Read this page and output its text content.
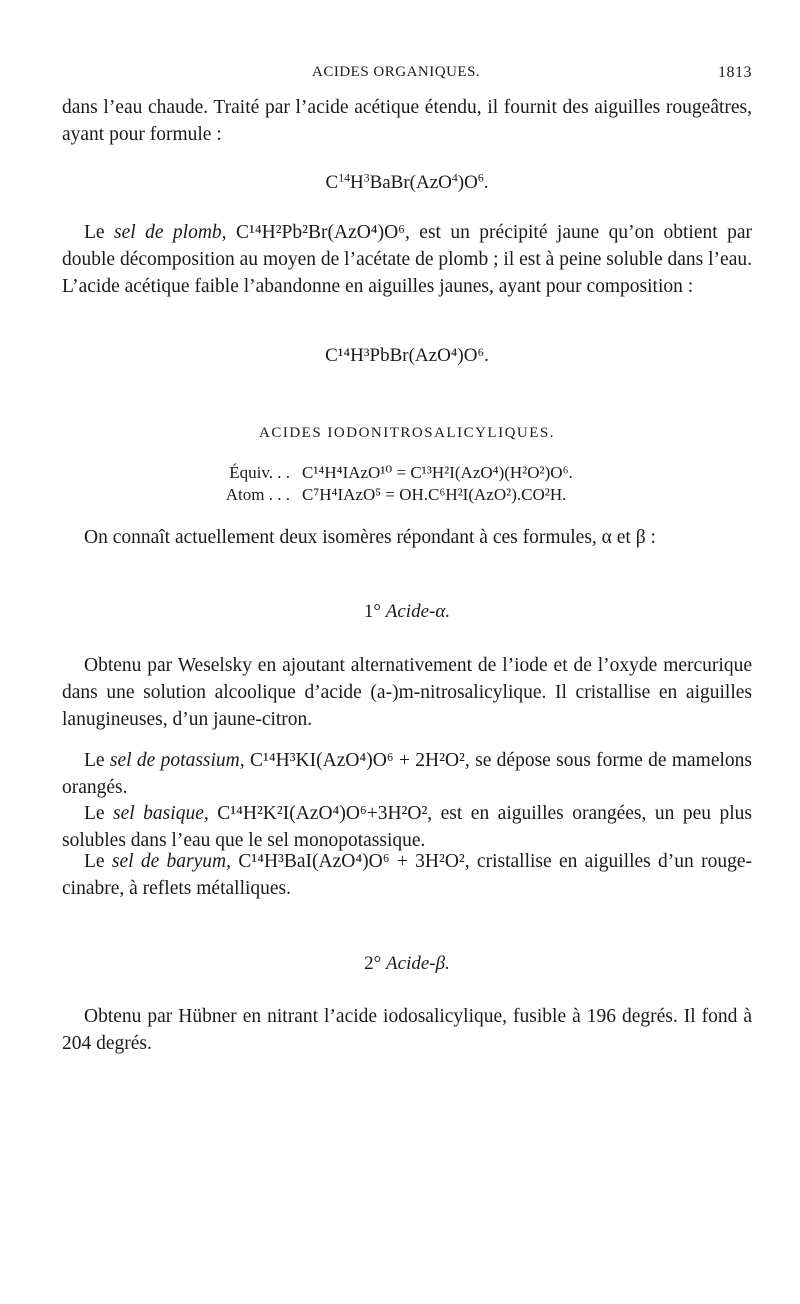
ACIDES ORGANIQUES.	1813
dans l’eau chaude. Traité par l’acide acétique étendu, il fournit des aiguilles rougeâtres, ayant pour formule :
$C^{14}H^3BaBr(AzO^4)O^6$.
Le sel de plomb, C¹⁴H²Pb²Br(AzO⁴)O⁶, est un précipité jaune qu’on obtient par double décomposition au moyen de l’acétate de plomb ; il est à peine soluble dans l’eau. L’acide acétique faible l’abandonne en aiguilles jaunes, ayant pour composition :
C¹⁴H³PbBr(AzO⁴)O⁶.
ACIDES IODONITROSALICYLIQUES.
Équiv. . . C¹⁴H⁴IAzO¹⁰ = C¹³H²I(AzO⁴)(H²O²)O⁶.
Atom . . . C⁷H⁴IAzO⁵ = OH.C⁶H²I(AzO²).CO²H.
On connaît actuellement deux isomères répondant à ces formules, α et β :
1° Acide-α.
Obtenu par Weselsky en ajoutant alternativement de l’iode et de l’oxyde mercurique dans une solution alcoolique d’acide (a-)m-nitrosalicylique. Il cristallise en aiguilles lanugineuses, d’un jaune-citron.
Le sel de potassium, C¹⁴H³KI(AzO⁴)O⁶ + 2H²O², se dépose sous forme de mamelons orangés.
Le sel basique, C¹⁴H²K²I(AzO⁴)O⁶+3H²O², est en aiguilles orangées, un peu plus solubles dans l’eau que le sel monopotassique.
Le sel de baryum, C¹⁴H³BaI(AzO⁴)O⁶ + 3H²O², cristallise en aiguilles d’un rouge-cinabre, à reflets métalliques.
2° Acide-β.
Obtenu par Hübner en nitrant l’acide iodosalicylique, fusible à 196 degrés. Il fond à 204 degrés.
